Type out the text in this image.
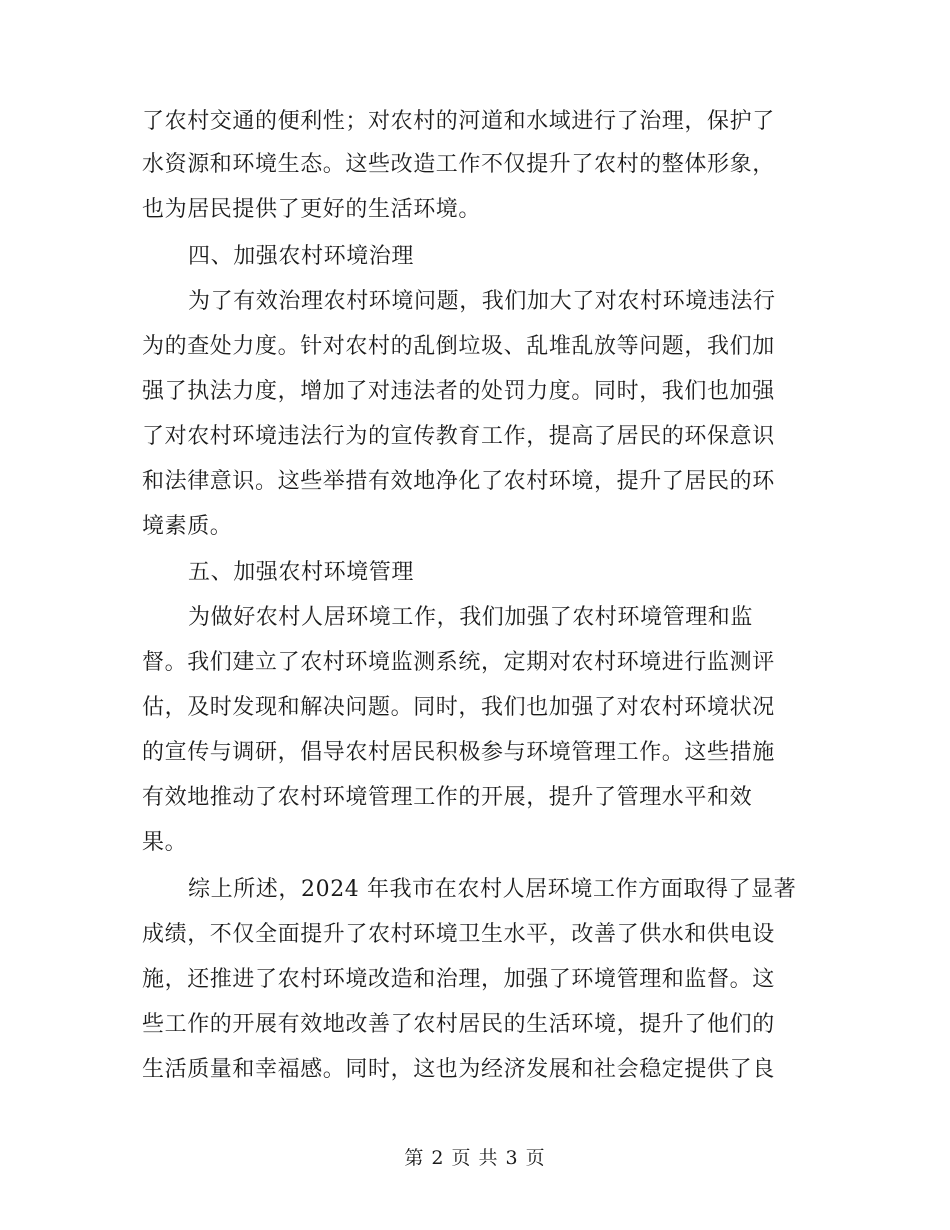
了农村交通的便利性；对农村的河道和水域进行了治理，保护了
水资源和环境生态。这些改造工作不仅提升了农村的整体形象，
也为居民提供了更好的生活环境。
四、加强农村环境治理
为了有效治理农村环境问题，我们加大了对农村环境违法行
为的查处力度。针对农村的乱倒垃圾、乱堆乱放等问题，我们加
强了执法力度，增加了对违法者的处罚力度。同时，我们也加强
了对农村环境违法行为的宣传教育工作，提高了居民的环保意识
和法律意识。这些举措有效地净化了农村环境，提升了居民的环
境素质。
五、加强农村环境管理
为做好农村人居环境工作，我们加强了农村环境管理和监
督。我们建立了农村环境监测系统，定期对农村环境进行监测评
估，及时发现和解决问题。同时，我们也加强了对农村环境状况
的宣传与调研，倡导农村居民积极参与环境管理工作。这些措施
有效地推动了农村环境管理工作的开展，提升了管理水平和效
果。
综上所述，2024 年我市在农村人居环境工作方面取得了显著
成绩，不仅全面提升了农村环境卫生水平，改善了供水和供电设
施，还推进了农村环境改造和治理，加强了环境管理和监督。这
些工作的开展有效地改善了农村居民的生活环境，提升了他们的
生活质量和幸福感。同时，这也为经济发展和社会稳定提供了良
第 2 页 共 3 页
